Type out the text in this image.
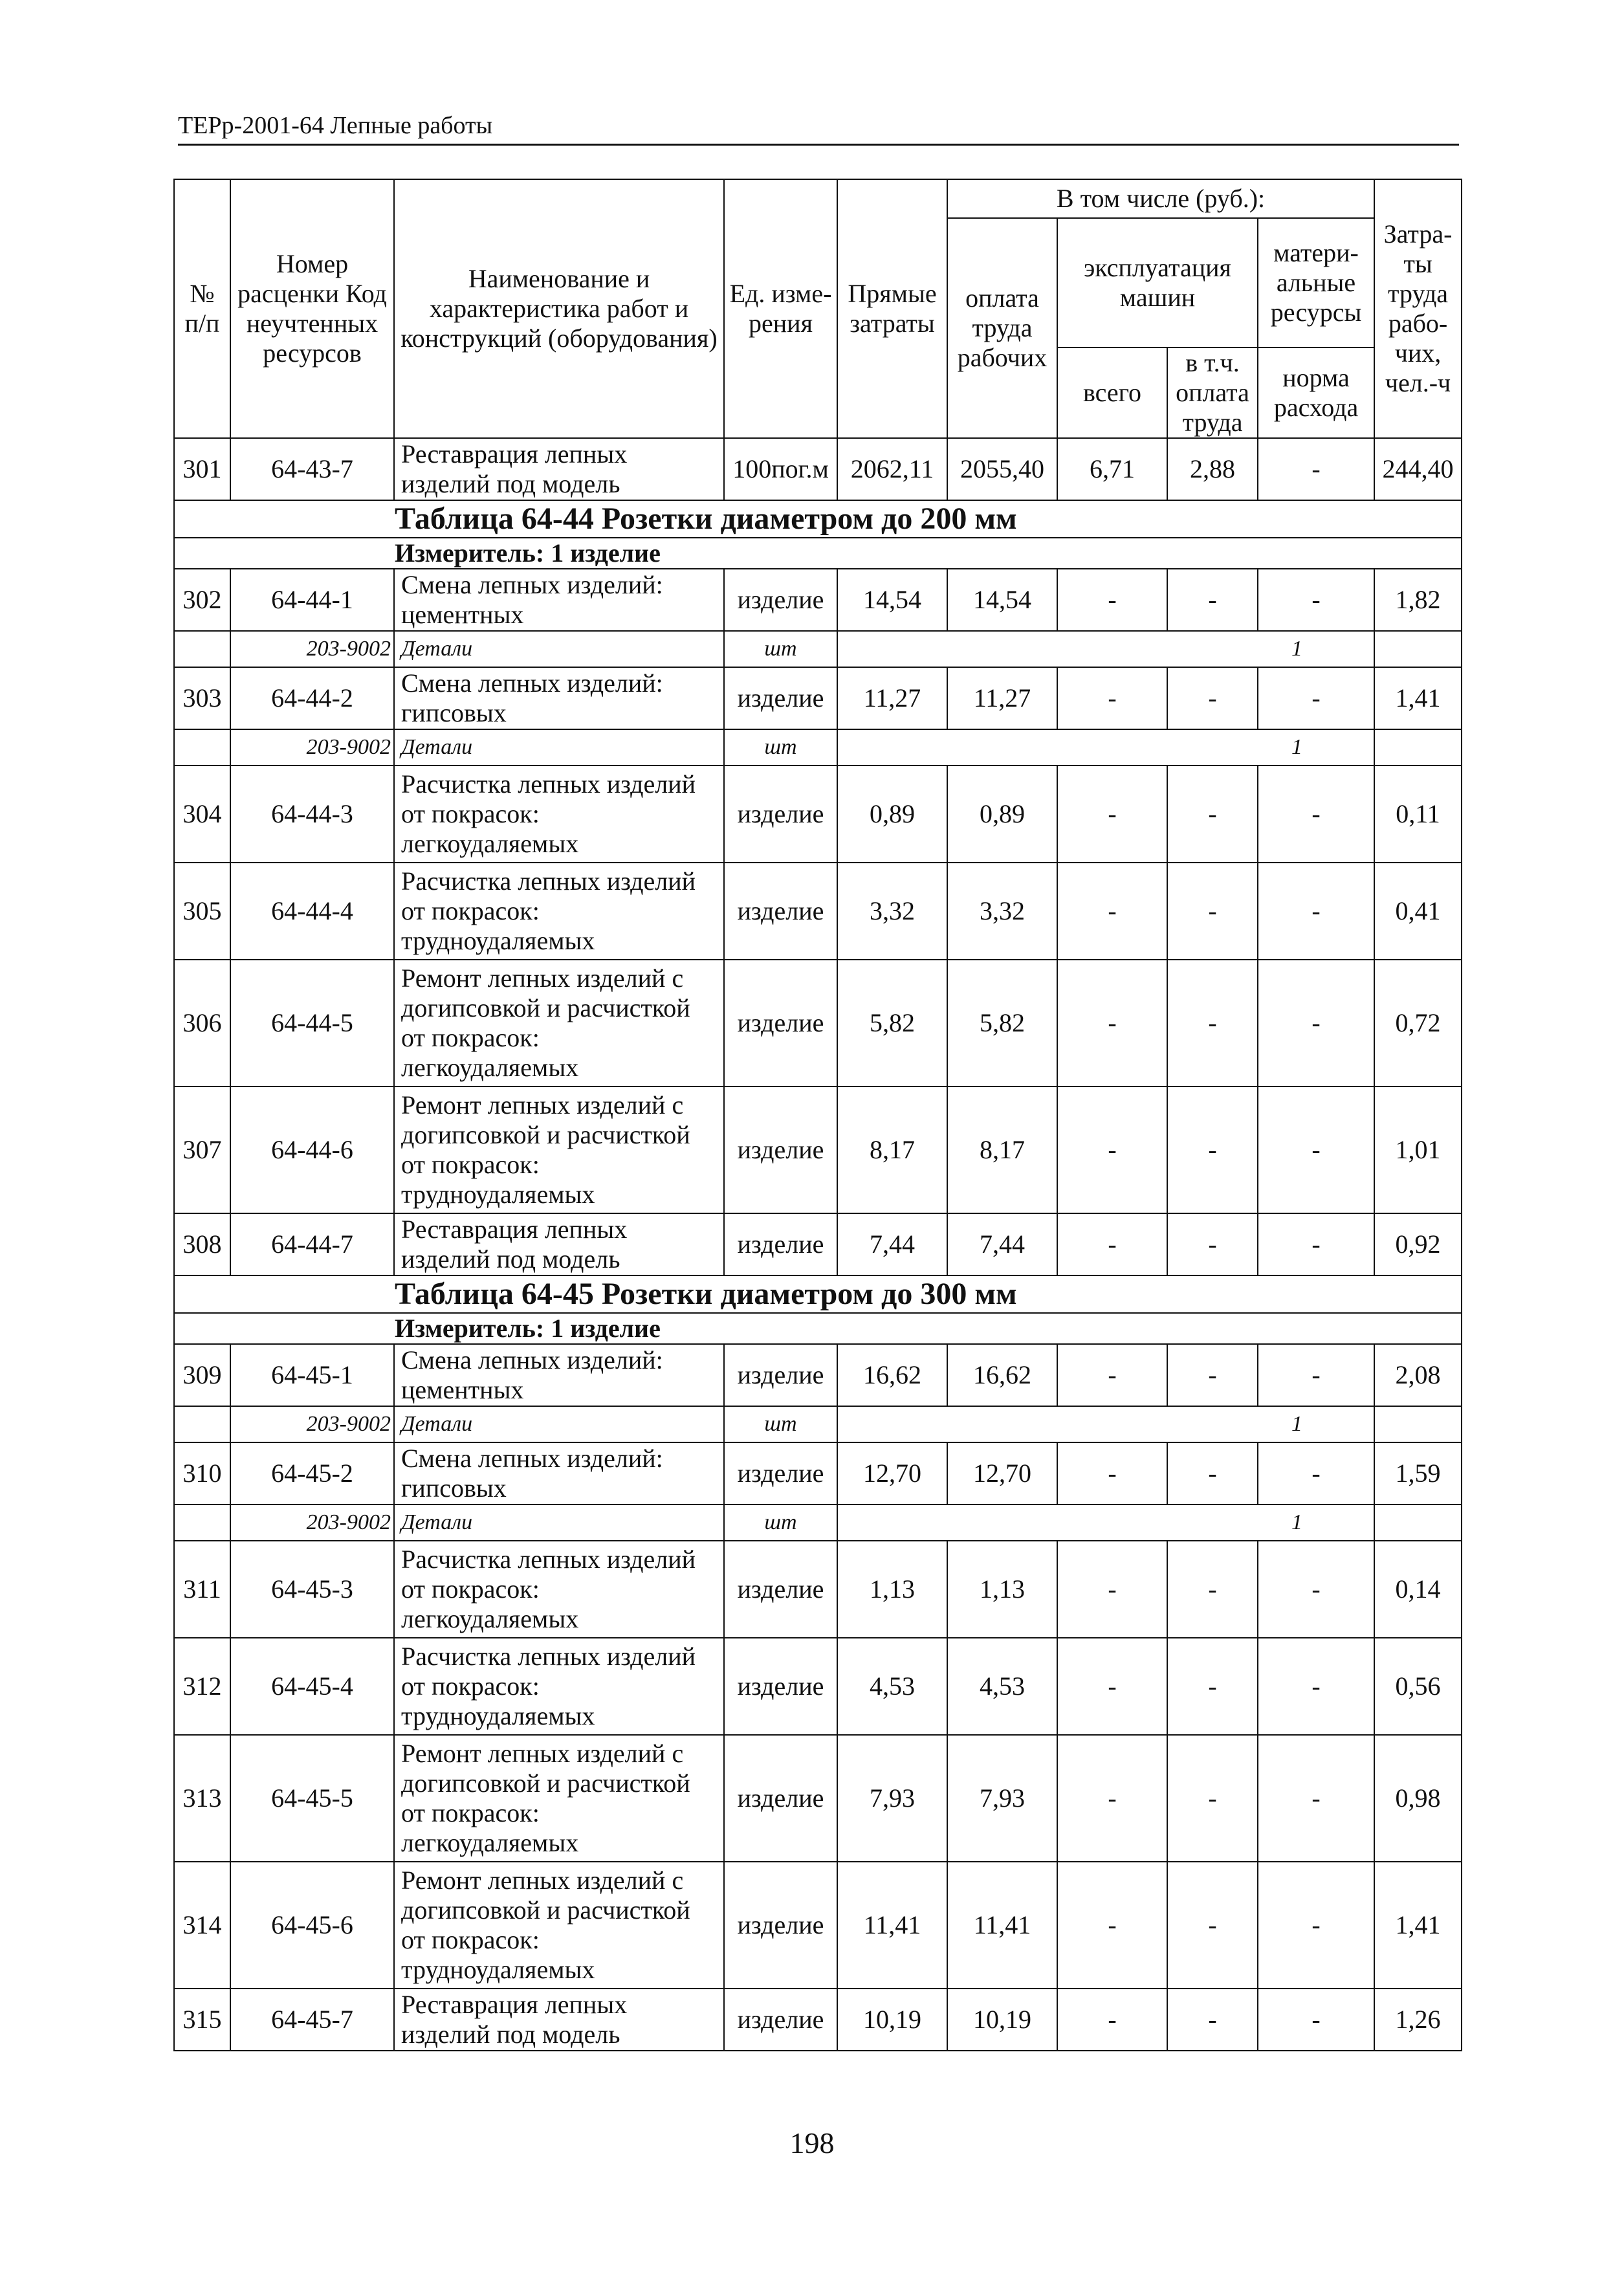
ТЕРр-2001-64 Лепные работы
№ п/п	Номер расценки Код неучтенных ресурсов	Наименование и характеристика работ и конструкций (оборудования)	Ед. изме-рения	Прямые затраты	В том числе (руб.):				Затра-ты труда рабо-чих, чел.-ч
					оплата труда рабочих	эксплуатация машин		матери-альные ресурсы	
						всего	в т.ч. оплата труда	норма расхода	

301	64-43-7	Реставрация лепных изделий под модель	100пог.м	2062,11	2055,40	6,71	2,88	-	244,40
Таблица 64-44 Розетки диаметром до 200 мм									
Измеритель: 1 изделие									
302	64-44-1	Смена лепных изделий: цементных	изделие	14,54	14,54	-	-	-	1,82
	203-9002	Детали	шт	1					
303	64-44-2	Смена лепных изделий: гипсовых	изделие	11,27	11,27	-	-	-	1,41
	203-9002	Детали	шт	1					
304	64-44-3	Расчистка лепных изделий от покрасок: легкоудаляемых	изделие	0,89	0,89	-	-	-	0,11
305	64-44-4	Расчистка лепных изделий от покрасок: трудноудаляемых	изделие	3,32	3,32	-	-	-	0,41
306	64-44-5	Ремонт лепных изделий с догипсовкой и расчисткой от покрасок: легкоудаляемых	изделие	5,82	5,82	-	-	-	0,72
307	64-44-6	Ремонт лепных изделий с догипсовкой и расчисткой от покрасок: трудноудаляемых	изделие	8,17	8,17	-	-	-	1,01
308	64-44-7	Реставрация лепных изделий под модель	изделие	7,44	7,44	-	-	-	0,92
Таблица 64-45 Розетки диаметром до 300 мм									
Измеритель: 1 изделие									
309	64-45-1	Смена лепных изделий: цементных	изделие	16,62	16,62	-	-	-	2,08
	203-9002	Детали	шт	1					
310	64-45-2	Смена лепных изделий: гипсовых	изделие	12,70	12,70	-	-	-	1,59
	203-9002	Детали	шт	1					
311	64-45-3	Расчистка лепных изделий от покрасок: легкоудаляемых	изделие	1,13	1,13	-	-	-	0,14
312	64-45-4	Расчистка лепных изделий от покрасок: трудноудаляемых	изделие	4,53	4,53	-	-	-	0,56
313	64-45-5	Ремонт лепных изделий с догипсовкой и расчисткой от покрасок: легкоудаляемых	изделие	7,93	7,93	-	-	-	0,98
314	64-45-6	Ремонт лепных изделий с догипсовкой и расчисткой от покрасок: трудноудаляемых	изделие	11,41	11,41	-	-	-	1,41
315	64-45-7	Реставрация лепных изделий под модель	изделие	10,19	10,19	-	-	-	1,26
198
